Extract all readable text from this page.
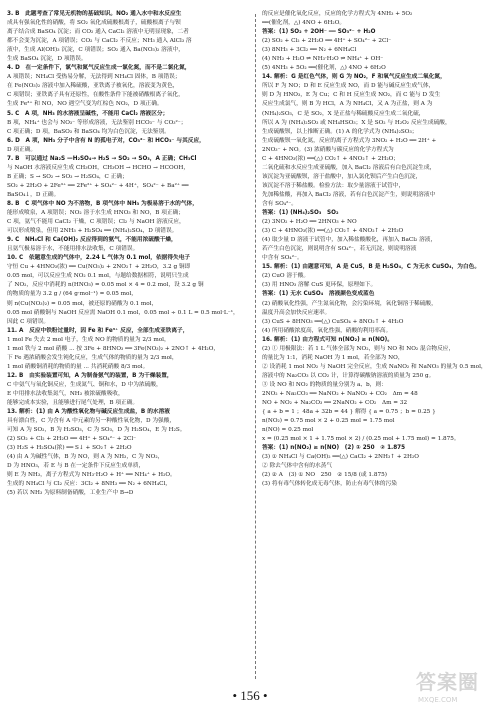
3. B　此题考查了常见无机物的基础知识。NO₂ 通入水中和水反应生
成具有强氧化性的硝酸，将 SO₂ 氧化成硫酸根离子，硫酸根离子与钡
离子结合成 BaSO₄ 沉淀；而 CO₂ 通入 CaCl₂ 溶液中无明显现象，二者
都不会变为沉淀，A 项错误；CO₂ 与 CaCl₂ 不反应；NH₃ 通入 AlCl₃ 溶
液中，生成 Al(OH)₃ 沉淀，C 项错误；SO₂ 通入 Ba(NO₃)₂ 溶液中，
生成 BaSO₄ 沉淀，D 项错误。
4. D　在一定条件下，氯气和氮气反应生成一氯化氮，而不是二氯化氮，
A 项错误；NH₄Cl 受热易分解，无法得到 NH₄Cl 固体，B 项错误；
在 Fe(NO₃)₂ 溶液中加入稀硫酸，亚铁离子被氧化，溶液变为黄色，
C 项错误；亚铁离子具有还原性，在酸性条件下能被硝酸根离子氧化，
生成 Fe³⁺ 和 NO，NO 遇空气变为红棕色 NO₂，D 项正确。
5. C　A 项，NH₃ 的水溶液呈碱性，不能用 CaCl₂ 溶液区分；
B 项，NH₄⁺ 也会与 NO₃⁻ 等形成溶液，无法鉴别 HCO₃⁻ 与 CO₃²⁻；
C 项正确；D 项，BaSO₃ 和 BaSO₄ 均为白色沉淀，无法鉴别。
6. D　A 项，NH₃ 分子中含有 N 的孤电子对，CO₃²⁻ 和 HCO₃⁻ 与其反应，
D 项正确。
7. B　可以通过 Na₂S —H₂SO₄→ H₂S → SO₂ → SO₃，A 正确；CH₃Cl
与 NaOH 水溶液反应生成 CH₃OH，CH₃OH → HCHO → HCOOH，
B 正确；S → SO₂ → SO₃ → H₂SO₄，C 正确；
SO₂ + 2H₂O + 2Fe³⁺ ══ 2Fe²⁺ + SO₄²⁻ + 4H⁺，SO₄²⁻ + Ba²⁺ ══
BaSO₄↓，D 正确。
8. B　C 项气体中 NO 为不溶物，B 项气体中 NH₃ 为极易溶于水的气体，
能形成喷泉，A 项错误；NO₂ 溶于水生成 HNO₃ 和 NO，B 项正确；
C 项，氨气不能用 CaCl₂ 干燥，C 项错误；Cl₂ 与 NaOH 溶液反应，
可以形成喷泉，但用 2NH₃ + H₂SO₄ ══ (NH₄)₂SO₄，D 项错误。
9. C　NH₄Cl 和 Ca(OH)₂ 反应得到的氨气，不能用浓硫酸干燥，
且氨气极易溶于水，不能用排水法收集，C 项错误。
10. C　依题意生成的气体中，2.24 L 气体为 0.1 mol，依据得失电子
守恒 Cu + 4HNO₃(浓) ══ Cu(NO₃)₂ + 2NO₂↑ + 2H₂O，3.2 g 铜即
0.05 mol，可以反应生成 NO₂ 0.1 mol，与题给数据相符，说明只生成
了 NO₂，反应中消耗的 n(HNO₃) = 0.05 mol × 4 = 0.2 mol，设 3.2 g 铜
的物质的量为 3.2 g / (64 g·mol⁻¹) = 0.05 mol，
则 n(Cu(NO₃)₂) = 0.05 mol，被还原的硝酸为 0.1 mol，
0.05 mol 硝酸铜与 NaOH 反应需 NaOH 0.1 mol，0.05 mol ÷ 0.1 L = 0.5 mol·L⁻¹，
因此 C 项错误。
11. A　反应中铁粉过量时，因 Fe 和 Fe³⁺ 反应，全部生成亚铁离子，
1 mol Fe 失去 2 mol 电子，生成 NO 的物质的量为 2/3 mol，
1 mol 铁与 2 mol 硝酸 ... 按 3Fe + 8HNO₃ ══ 3Fe(NO₃)₂ + 2NO↑ + 4H₂O，
下 Fe 遇浓硝酸会发生钝化反应，生成气体的物质的量为 2/3 mol，
1 mol 硝酸铜消耗的物质的量 ... 共消耗硝酸 8/3 mol。
12. B　由实验装置可知，A 为制备氨气的装置，B 为干燥装置，
C 中氨气与氧化铜反应，生成氮气、铜和水，D 中为浓硫酸，
E 中用排水法收集氮气，NH₃ 被浓硫酸吸收，
能够完成本实验，且能够进行尾气处理，B 项正确。
13. 解析：(1) 由 A 为酸性氧化物与碱反应生成盐，B 的水溶液
具有漂白性，C 为含有 A 中元素的另一种酸性氧化物，D 为强酸，
可知 A 为 SO₂，B 为 H₂SO₃，C 为 SO₃，D 为 H₂SO₄，E 为 H₂S。
(2) SO₂ + Cl₂ + 2H₂O ══ 4H⁺ + SO₄²⁻ + 2Cl⁻
(3) H₂S + H₂SO₄(浓) ══ S↓ + SO₂↑ + 2H₂O
(4) 由 A 为碱性气体，B 为 NO，则 A 为 NH₃，C 为 NO₂，
D 为 HNO₃，若 E 与 B 在一定条件下反应生成单质，
则 E 为 NH₃，离子方程式为 NH₃·H₂O + H⁺ ══ NH₄⁺ + H₂O。
生成的 NH₄Cl 与 Cl₂ 反应：3Cl₂ + 8NH₃ ══ N₂ + 6NH₄Cl，
(5) 若以 NH₃ 为原料制备硝酸，工业生产中 B→D
的反应是催化氧化反应，反应的化学方程式为 4NH₃ + 5O₂
══(催化剂，△) 4NO + 6H₂O。
答案：(1) SO₂ + 2OH⁻ ══ SO₃²⁻ + H₂O
(2) SO₂ + Cl₂ + 2H₂O ══ 4H⁺ + SO₄²⁻ + 2Cl⁻
(3) 8NH₃ + 3Cl₂ ══ N₂ + 6NH₄Cl
(4) NH₃ + H₂O ⇌ NH₃·H₂O ⇌ NH₄⁺ + OH⁻
(5) 4NH₃ + 5O₂ ══(催化剂，△) 4NO + 6H₂O
14. 解析：G 是红色气体，则 G 为 NO₂，F 和氧气反应生成二氧化氮，
所以 F 为 NO；D 和 E 反应生成 NO，而 D 能与碱反应生成气体，
则 D 为 HNO₃，E 为 Cu；C 和 H 反应生成 NO₂，而 C 能与 D 发生
反应生成氯气，则 B 为 HCl，A 为 NH₄Cl，又 A 为正盐，则 A 为
(NH₄)₂SO₃，C 是 SO₂，X 是正盐与稀硫酸反应生成二氧化硫，
所以 A 为 (NH₄)₂SO₃ 或 NH₄HSO₃；X 是 SO₂ 与 H₂O₂ 反应生成硫酸，
生成硫酸钡，以上推断正确。(1) A 的化学式为 (NH₄)₂SO₃；
生成硫酸钡一氧化氮，反应的离子方程式为 3NO₂ + H₂O ══ 2H⁺ +
2NO₃⁻ + NO。(3) 浓硝酸与碳反应的化学方程式为
C + 4HNO₃(浓) ══(△) CO₂↑ + 4NO₂↑ + 2H₂O；
二氧化硫和水反应生成亚硫酸，加入 BaCl₂ 溶液后有白色沉淀生成，
该沉淀为亚硫酸钡，溶于盐酸中，加入氯化钡后产生白色沉淀，
该沉淀不溶于稀盐酸。检验方法：取少量溶液于试管中，
先加稀盐酸，再加入 BaCl₂ 溶液，若有白色沉淀产生，则说明溶液中
含有 SO₄²⁻。
答案：(1) (NH₄)₂SO₃　SO₂
(2) 3NO₂ + H₂O ══ 2HNO₃ + NO
(3) C + 4HNO₃(浓) ══(△) CO₂↑ + 4NO₂↑ + 2H₂O
(4) 取少量 D 溶液于试管中，加入稀盐酸酸化，再加入 BaCl₂ 溶液，
若产生白色沉淀，则说明含有 SO₄²⁻，若无沉淀，则说明溶液
中含有 SO₄²⁻。
15. 解析：(1) 由题意可知，A 是 CuS，B 是 H₂SO₄，C 为无水 CuSO₄，为白色。
(2) CuO 溶于酸。
(3) 用 HNO₃ 溶解 CuS 更环保，原理如下。
答案：(1) 无水 CuSO₄　溶液颜色变成蓝色
(2) 硝酸氧化性强，产生氮氧化物，会污染环境，氧化铜溶于稀硫酸，
温度升高会加快反应速率。
(3) CuS + 8HNO₃ ══(△) CuSO₄ + 8NO₂↑ + 4H₂O
(4) 所用硝酸浓度高，氧化性强，硝酸的利用率高。
16. 解析：(1) 由方程式可知 n(NO₂) ≥ n(NO)。
(2) ① 用极限法：若 1 L 气体全部为 NO₂，则与 NO 和 NO₂ 混合物反应，
的量比为 1:1，消耗 NaOH 为 1 mol，若全部为 NO，
② 设消耗 1 mol NO₂ 与 NaOH 完全反应，生成 NaNO₂ 和 NaNO₃ 的量为 0.5 mol，
溶液中的 Na₂CO₃ 以 CO₂ 计，计算得碳酸钠溶液的质量为 250 g。
③ 设 NO 和 NO₂ 的物质的量分别为 a、b，则：
2NO₂ + Na₂CO₃ ══ NaNO₂ + NaNO₃ + CO₂　Δm = 48
NO + NO₂ + Na₂CO₃ ══ 2NaNO₂ + CO₂　Δm = 32
{ a + b = 1 ；48a + 32b = 44 } 解得 { a = 0.75 ；b = 0.25 }
n(NO₂) = 0.75 mol × 2 + 0.25 mol = 1.75 mol
n(NO) = 0.25 mol
x = (0.25 mol × 1 + 1.75 mol × 2) / (0.25 mol + 1.75 mol) = 1.875。
答案：(1) n(NO₂) ≥ n(NO)　(2) ① 250　② 1.875
(3) ① NH₄Cl 与 Ca(OH)₂ ══(△) CaCl₂ + 2NH₃↑ + 2H₂O
② 除去气体中含有的水蒸气
(2) ② A　(3) ① NO　250　② 15/8 (或 1.875)
(3) 将有毒气体转化成无毒气体，防止有毒气体的污染
• 156 •
答案圈
MXQE.COM
